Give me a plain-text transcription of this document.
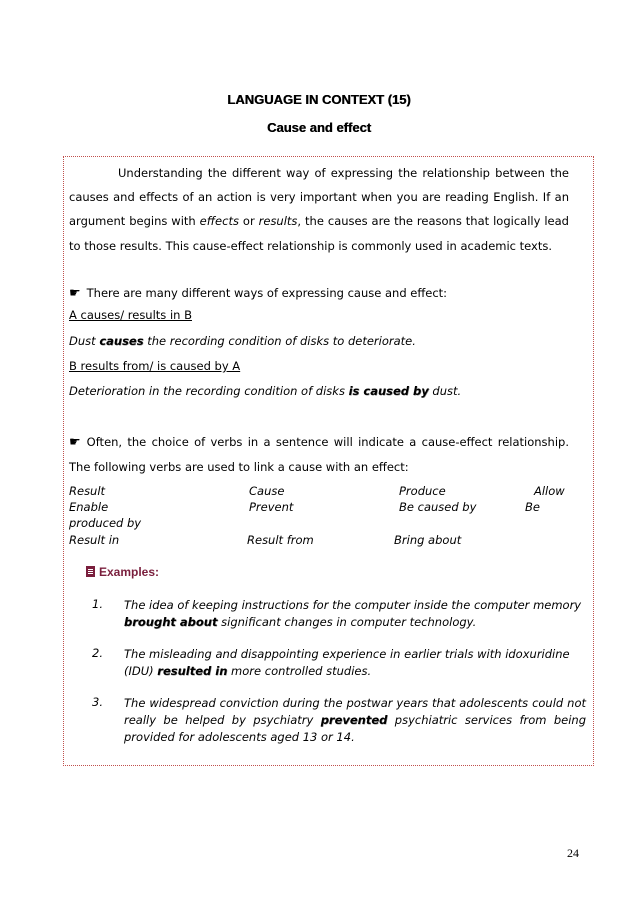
LANGUAGE IN CONTEXT (15)
Cause and effect
Understanding the different way of expressing the relationship between the
causes and effects of an action is very important when you are reading English. If an
argument begins with effects or results, the causes are the reasons that logically lead
to those results. This cause-effect relationship is commonly used in academic texts.
☛ There are many different ways of expressing cause and effect:
A causes/ results in B
Dust causes the recording condition of disks to deteriorate.
B results from/ is caused by A
Deterioration in the recording condition of disks is caused by dust.
☛ Often, the choice of verbs in a sentence will indicate a cause-effect relationship.
The following verbs are used to link a cause with an effect:
Result	Cause	Produce	Allow
Enable	Prevent	Be caused by	Be
produced by
Result in	Result from	Bring about
Examples:
1. The idea of keeping instructions for the computer inside the computer memory
brought about significant changes in computer technology.
2. The misleading and disappointing experience in earlier trials with idoxuridine
(IDU) resulted in more controlled studies.
3. The widespread conviction during the postwar years that adolescents could not
really be helped by psychiatry prevented psychiatric services from being
provided for adolescents aged 13 or 14.
24
